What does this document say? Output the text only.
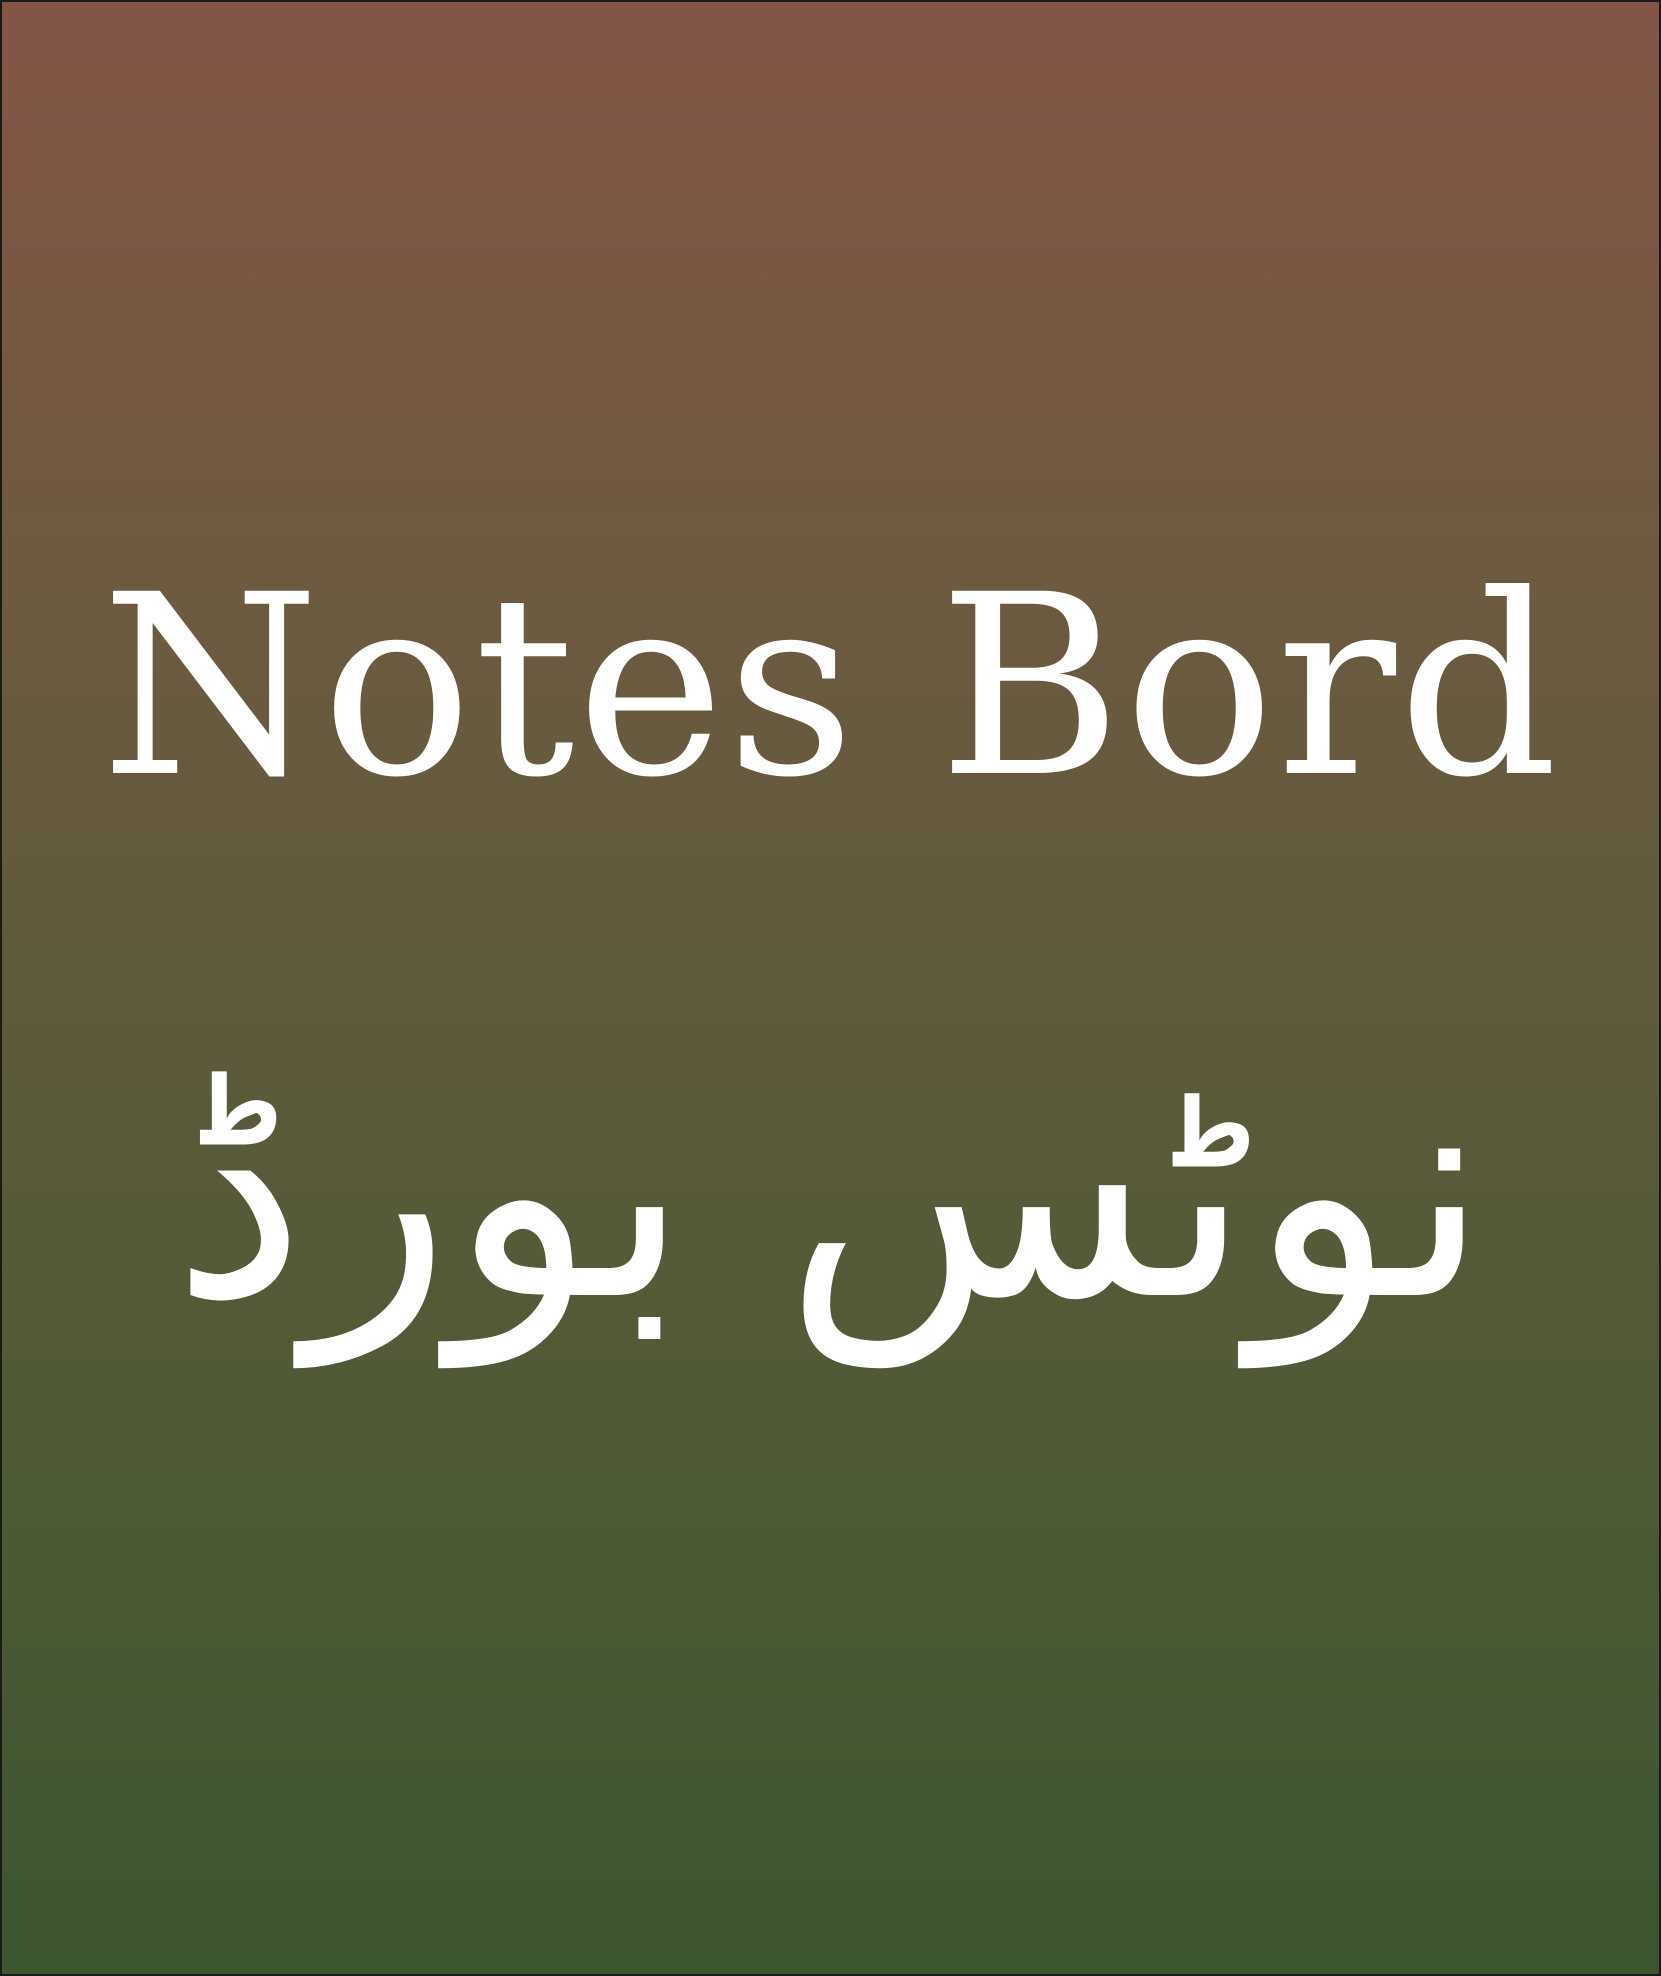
Notes Bord
نوٹس بورڈ
